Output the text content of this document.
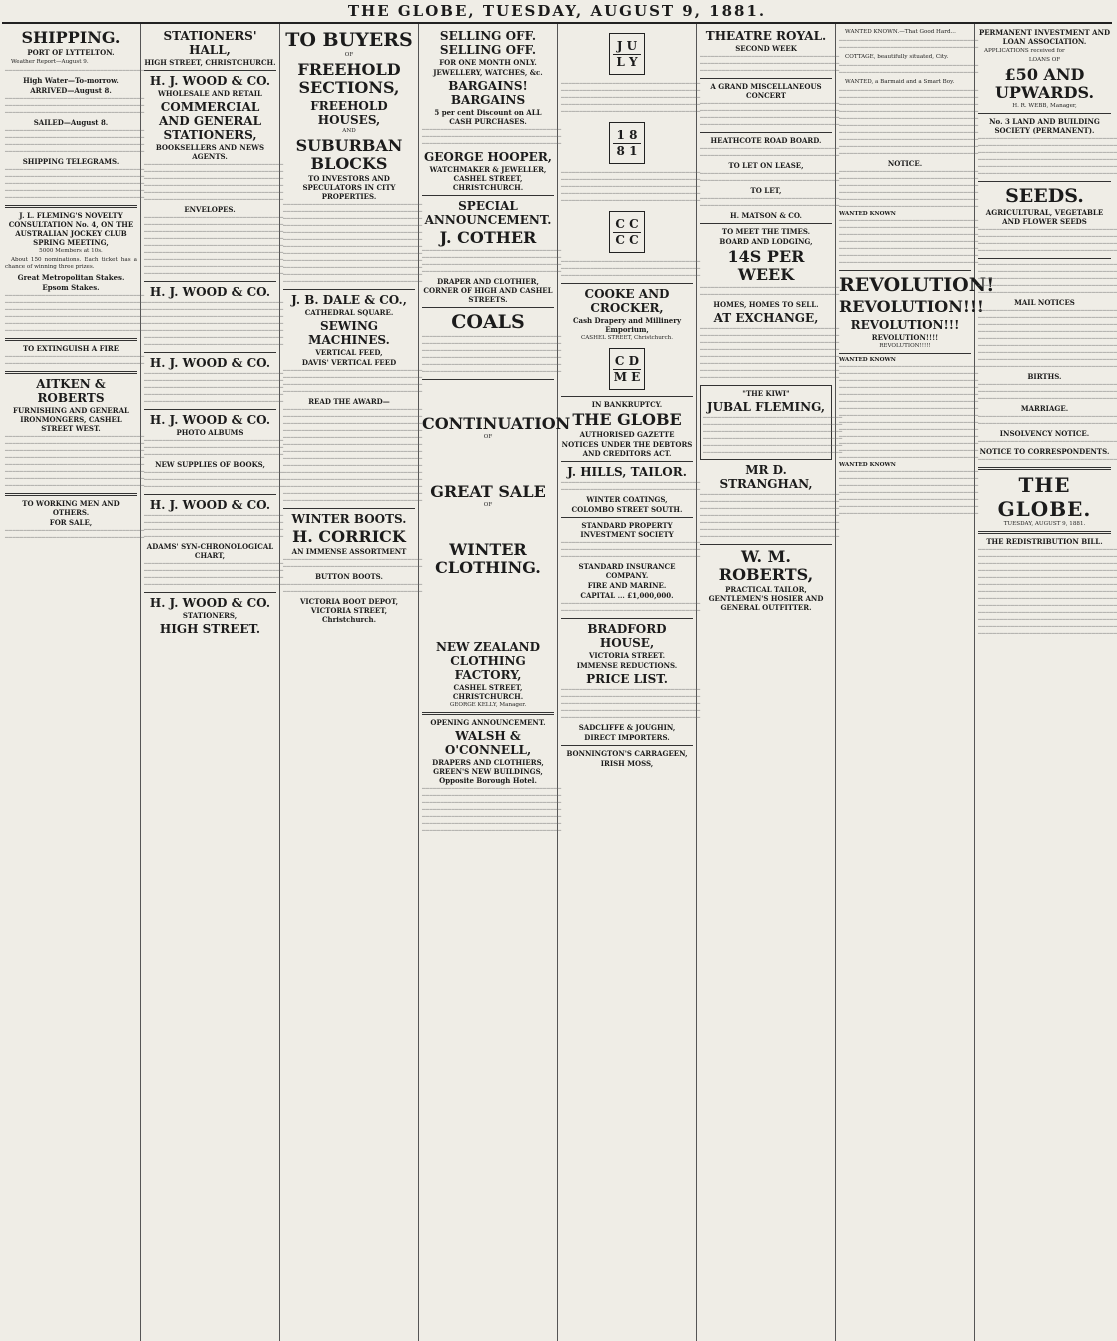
THE GLOBE, TUESDAY, AUGUST 9, 1881.
SHIPPING.
PORT OF LYTTELTON.
Weather Report—August 9.
──────────────────────────────────────
High Water—To-morrow.
ARRIVED—August 8.
────────────────────────────────────── ────────────────────────────────────── ──────────────────────────────────────
SAILED—August 8.
────────────────────────────────────── ────────────────────────────────────── ────────────────────────────────────── ──────────────────────────────────────
SHIPPING TELEGRAMS.
────────────────────────────────────── ────────────────────────────────────── ────────────────────────────────────── ────────────────────────────────────── ──────────────────────────────────────
J. L. FLEMING'S NOVELTY CONSULTATION No. 4, ON THE AUSTRALIAN JOCKEY CLUB SPRING MEETING,
5000 Members at 10s.
About 150 nominations. Each ticket has a chance of winning three prizes.
Great Metropolitan Stakes.
Epsom Stakes.
────────────────────────────────────── ────────────────────────────────────── ────────────────────────────────────── ────────────────────────────────────── ────────────────────────────────────── ──────────────────────────────────────
TO EXTINGUISH A FIRE
────────────────────────────────────── ──────────────────────────────────────
AITKEN & ROBERTS
FURNISHING AND GENERAL IRONMONGERS, CASHEL STREET WEST.
────────────────────────────────────── ────────────────────────────────────── ────────────────────────────────────── ────────────────────────────────────── ────────────────────────────────────── ────────────────────────────────────── ────────────────────────────────────── ──────────────────────────────────────
TO WORKING MEN AND OTHERS.
FOR SALE,
────────────────────────────────────── ──────────────────────────────────────
STATIONERS' HALL,
HIGH STREET, CHRISTCHURCH.
H. J. WOOD & CO.
WHOLESALE AND RETAIL
COMMERCIAL AND GENERAL STATIONERS,
BOOKSELLERS AND NEWS AGENTS.
────────────────────────────────────── ────────────────────────────────────── ────────────────────────────────────── ────────────────────────────────────── ────────────────────────────────────── ──────────────────────────────────────
ENVELOPES.
────────────────────────────────────── ────────────────────────────────────── ────────────────────────────────────── ────────────────────────────────────── ────────────────────────────────────── ────────────────────────────────────── ────────────────────────────────────── ────────────────────────────────────── ──────────────────────────────────────
H. J. WOOD & CO.
────────────────────────────────────── ────────────────────────────────────── ────────────────────────────────────── ────────────────────────────────────── ────────────────────────────────────── ────────────────────────────────────── ──────────────────────────────────────
H. J. WOOD & CO.
────────────────────────────────────── ────────────────────────────────────── ────────────────────────────────────── ────────────────────────────────────── ──────────────────────────────────────
H. J. WOOD & CO.
PHOTO ALBUMS
────────────────────────────────────── ────────────────────────────────────── ──────────────────────────────────────
NEW SUPPLIES OF BOOKS,
────────────────────────────────────── ────────────────────────────────────── ──────────────────────────────────────
H. J. WOOD & CO.
────────────────────────────────────── ────────────────────────────────────── ────────────────────────────────────── ──────────────────────────────────────
ADAMS' SYN-CHRONOLOGICAL CHART,
────────────────────────────────────── ────────────────────────────────────── ────────────────────────────────────── ──────────────────────────────────────
H. J. WOOD & CO.
STATIONERS,
HIGH STREET.
TO BUYERS
OF
FREEHOLD SECTIONS,
FREEHOLD HOUSES,
AND
SUBURBAN BLOCKS
TO INVESTORS AND SPECULATORS IN CITY PROPERTIES.
────────────────────────────────────── ────────────────────────────────────── ────────────────────────────────────── ────────────────────────────────────── ────────────────────────────────────── ────────────────────────────────────── ────────────────────────────────────── ────────────────────────────────────── ────────────────────────────────────── ────────────────────────────────────── ────────────────────────────────────── ──────────────────────────────────────
J. B. DALE & CO.,
CATHEDRAL SQUARE.
SEWING MACHINES.
VERTICAL FEED,
DAVIS' VERTICAL FEED
────────────────────────────────────── ────────────────────────────────────── ────────────────────────────────────── ──────────────────────────────────────
READ THE AWARD—
────────────────────────────────────── ────────────────────────────────────── ────────────────────────────────────── ────────────────────────────────────── ────────────────────────────────────── ────────────────────────────────────── ────────────────────────────────────── ────────────────────────────────────── ────────────────────────────────────── ────────────────────────────────────── ────────────────────────────────────── ────────────────────────────────────── ────────────────────────────────────── ──────────────────────────────────────
WINTER BOOTS.
H. CORRICK
AN IMMENSE ASSORTMENT
────────────────────────────────────── ──────────────────────────────────────
BUTTON BOOTS.
────────────────────────────────────── ──────────────────────────────────────
VICTORIA BOOT DEPOT, VICTORIA STREET, Christchurch.
SELLING OFF. SELLING OFF.
FOR ONE MONTH ONLY.
JEWELLERY, WATCHES, &c.
BARGAINS! BARGAINS
5 per cent Discount on ALL CASH PURCHASES.
────────────────────────────────────── ────────────────────────────────────── ──────────────────────────────────────
GEORGE HOOPER,
WATCHMAKER & JEWELLER, CASHEL STREET, CHRISTCHURCH.
SPECIAL ANNOUNCEMENT.
J. COTHER
────────────────────────────────────── ────────────────────────────────────── ────────────────────────────────────── ──────────────────────────────────────
DRAPER AND CLOTHIER, CORNER OF HIGH AND CASHEL STREETS.
COALS
────────────────────────────────────── ────────────────────────────────────── ────────────────────────────────────── ────────────────────────────────────── ────────────────────────────────────── ──────────────────────────────────────
CONTINUATION
OF
GREAT SALE
OF
WINTER CLOTHING.
NEW ZEALAND CLOTHING FACTORY,
CASHEL STREET, CHRISTCHURCH.
GEORGE KELLY, Manager.
OPENING ANNOUNCEMENT.
WALSH & O'CONNELL,
DRAPERS AND CLOTHIERS, GREEN'S NEW BUILDINGS, Opposite Borough Hotel.
────────────────────────────────────── ────────────────────────────────────── ────────────────────────────────────── ────────────────────────────────────── ────────────────────────────────────── ────────────────────────────────────── ──────────────────────────────────────
J U
L Y
────────────────────────────────────── ────────────────────────────────────── ────────────────────────────────────── ────────────────────────────────────── ──────────────────────────────────────
1 8
8 1
────────────────────────────────────── ────────────────────────────────────── ────────────────────────────────────── ────────────────────────────────────── ──────────────────────────────────────
C C
C C
────────────────────────────────────── ────────────────────────────────────── ──────────────────────────────────────
COOKE AND CROCKER,
Cash Drapery and Millinery Emporium,
CASHEL STREET, Christchurch.
C D
M E
IN BANKRUPTCY.
THE GLOBE
AUTHORISED GAZETTE
NOTICES UNDER THE DEBTORS AND CREDITORS ACT.
J. HILLS, TAILOR.
────────────────────────────────────── ──────────────────────────────────────
WINTER COATINGS,
COLOMBO STREET SOUTH.
STANDARD PROPERTY INVESTMENT SOCIETY
────────────────────────────────────── ────────────────────────────────────── ──────────────────────────────────────
STANDARD INSURANCE COMPANY.
FIRE AND MARINE.
CAPITAL ... £1,000,000.
────────────────────────────────────── ──────────────────────────────────────
BRADFORD HOUSE,
VICTORIA STREET.
IMMENSE REDUCTIONS.
PRICE LIST.
────────────────────────────────────── ────────────────────────────────────── ────────────────────────────────────── ────────────────────────────────────── ──────────────────────────────────────
SADCLIFFE & JOUGHIN,
DIRECT IMPORTERS.
BONNINGTON'S CARRAGEEN,
IRISH MOSS,
THEATRE ROYAL.
SECOND WEEK
────────────────────────────────────── ────────────────────────────────────── ──────────────────────────────────────
A GRAND MISCELLANEOUS CONCERT
────────────────────────────────────── ────────────────────────────────────── ────────────────────────────────────── ──────────────────────────────────────
HEATHCOTE ROAD BOARD.
────────────────────────────────────── ──────────────────────────────────────
TO LET ON LEASE,
────────────────────────────────────── ──────────────────────────────────────
TO LET,
────────────────────────────────────── ──────────────────────────────────────
H. MATSON & CO.
TO MEET THE TIMES.
BOARD AND LODGING,
14S PER WEEK
────────────────────────────────────── ──────────────────────────────────────
HOMES, HOMES TO SELL.
AT EXCHANGE,
────────────────────────────────────── ────────────────────────────────────── ────────────────────────────────────── ────────────────────────────────────── ────────────────────────────────────── ────────────────────────────────────── ────────────────────────────────────── ──────────────────────────────────────
"THE KIWI"
JUBAL FLEMING,
────────────────────────────────────── ────────────────────────────────────── ────────────────────────────────────── ────────────────────────────────────── ────────────────────────────────────── ──────────────────────────────────────
MR D. STRANGHAN,
────────────────────────────────────── ────────────────────────────────────── ────────────────────────────────────── ────────────────────────────────────── ────────────────────────────────────── ────────────────────────────────────── ──────────────────────────────────────
W. M. ROBERTS,
PRACTICAL TAILOR, GENTLEMEN'S HOSIER AND GENERAL OUTFITTER.
WANTED KNOWN.—That Good Hard...
────────────────────────────────────── ──────────────────────────────────────
COTTAGE, beautifully situated, City.
────────────────────────────────────── ──────────────────────────────────────
WANTED, a Barmaid and a Smart Boy.
────────────────────────────────────── ────────────────────────────────────── ────────────────────────────────────── ────────────────────────────────────── ────────────────────────────────────── ────────────────────────────────────── ────────────────────────────────────── ────────────────────────────────────── ────────────────────────────────────── ──────────────────────────────────────
NOTICE.
────────────────────────────────────── ────────────────────────────────────── ────────────────────────────────────── ────────────────────────────────────── ────────────────────────────────────── ──────────────────────────────────────
WANTED KNOWN
────────────────────────────────────── ────────────────────────────────────── ────────────────────────────────────── ────────────────────────────────────── ────────────────────────────────────── ────────────────────────────────────── ──────────────────────────────────────
REVOLUTION!
REVOLUTION!!!
REVOLUTION!!!
REVOLUTION!!!!
REVOLUTION!!!!!
WANTED KNOWN
────────────────────────────────────── ────────────────────────────────────── ────────────────────────────────────── ────────────────────────────────────── ────────────────────────────────────── ────────────────────────────────────── ────────────────────────────────────── ────────────────────────────────────── ────────────────────────────────────── ────────────────────────────────────── ────────────────────────────────────── ────────────────────────────────────── ────────────────────────────────────── ──────────────────────────────────────
WANTED KNOWN
────────────────────────────────────── ────────────────────────────────────── ────────────────────────────────────── ────────────────────────────────────── ────────────────────────────────────── ────────────────────────────────────── ──────────────────────────────────────
PERMANENT INVESTMENT AND LOAN ASSOCIATION.
APPLICATIONS received for
LOANS OF
£50 AND UPWARDS.
H. R. WEBB, Manager,
No. 3 LAND AND BUILDING SOCIETY (PERMANENT).
────────────────────────────────────── ────────────────────────────────────── ────────────────────────────────────── ────────────────────────────────────── ────────────────────────────────────── ──────────────────────────────────────
SEEDS.
AGRICULTURAL, VEGETABLE AND FLOWER SEEDS
────────────────────────────────────── ────────────────────────────────────── ────────────────────────────────────── ──────────────────────────────────────
────────────────────────────────────── ────────────────────────────────────── ────────────────────────────────────── ────────────────────────────────────── ──────────────────────────────────────
MAIL NOTICES
────────────────────────────────────── ────────────────────────────────────── ────────────────────────────────────── ────────────────────────────────────── ────────────────────────────────────── ────────────────────────────────────── ────────────────────────────────────── ────────────────────────────────────── ──────────────────────────────────────
BIRTHS.
────────────────────────────────────── ────────────────────────────────────── ──────────────────────────────────────
MARRIAGE.
────────────────────────────────────── ──────────────────────────────────────
INSOLVENCY NOTICE.
──────────────────────────────────────
NOTICE TO CORRESPONDENTS.
──────────────────────────────────────
THE GLOBE.
TUESDAY, AUGUST 9, 1881.
THE REDISTRIBUTION BILL.
────────────────────────────────────── ────────────────────────────────────── ────────────────────────────────────── ────────────────────────────────────── ────────────────────────────────────── ────────────────────────────────────── ────────────────────────────────────── ────────────────────────────────────── ────────────────────────────────────── ────────────────────────────────────── ────────────────────────────────────── ────────────────────────────────────── ──────────────────────────────────────
